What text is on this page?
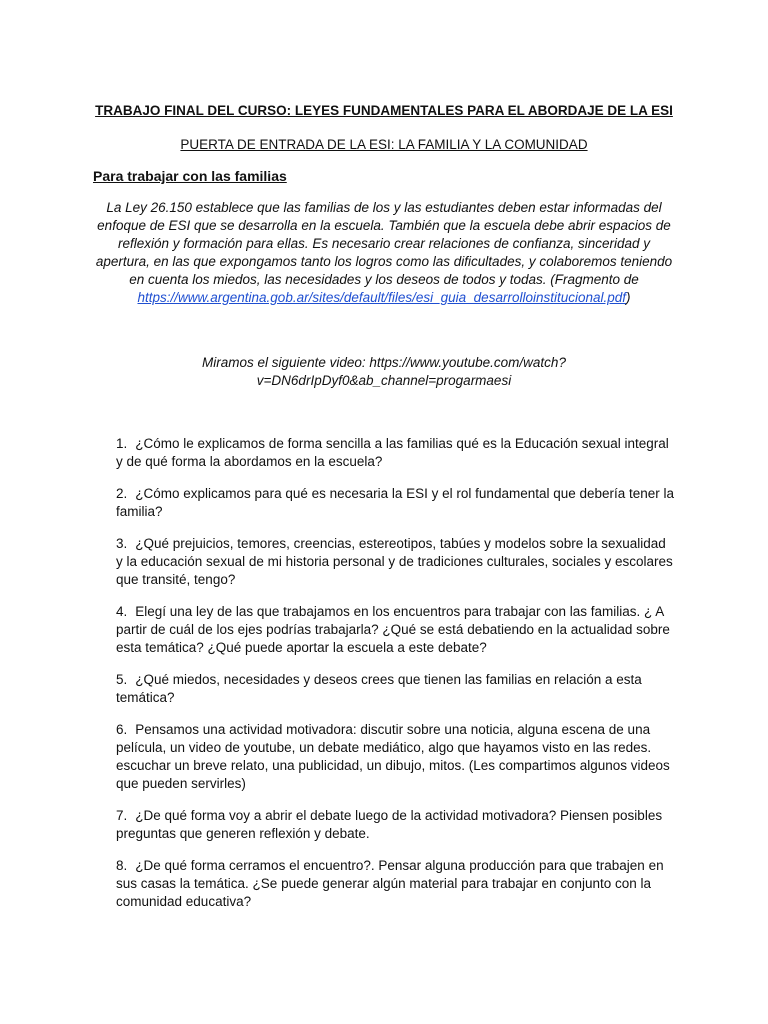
TRABAJO FINAL DEL CURSO: LEYES FUNDAMENTALES PARA EL ABORDAJE DE LA ESI
PUERTA DE ENTRADA DE LA ESI: LA FAMILIA Y LA COMUNIDAD
Para trabajar con las familias
La Ley 26.150 establece que las familias de los y las estudiantes deben estar informadas del enfoque de ESI que se desarrolla en la escuela. También que la escuela debe abrir espacios de reflexión y formación para ellas. Es necesario crear relaciones de confianza, sinceridad y apertura, en las que expongamos tanto los logros como las dificultades, y colaboremos teniendo en cuenta los miedos, las necesidades y los deseos de todos y todas. (Fragmento de https://www.argentina.gob.ar/sites/default/files/esi_guia_desarrolloinstitucional.pdf)
Miramos el siguiente video: https://www.youtube.com/watch?
v=DN6drIpDyf0&ab_channel=progarmaesi
1. ¿Cómo le explicamos de forma sencilla a las familias qué es la Educación sexual integral y de qué forma la abordamos en la escuela?
2. ¿Cómo explicamos para qué es necesaria la ESI y el rol fundamental que debería tener la familia?
3. ¿Qué prejuicios, temores, creencias, estereotipos, tabúes y modelos sobre la sexualidad y la educación sexual de mi historia personal y de tradiciones culturales, sociales y escolares que transité, tengo?
4. Elegí una ley de las que trabajamos en los encuentros para trabajar con las familias. ¿ A partir de cuál de los ejes podrías trabajarla? ¿Qué se está debatiendo en la actualidad sobre esta temática? ¿Qué puede aportar la escuela a este debate?
5. ¿Qué miedos, necesidades y deseos crees que tienen las familias en relación a esta temática?
6. Pensamos una actividad motivadora: discutir sobre una noticia, alguna escena de una película, un video de youtube, un debate mediático, algo que hayamos visto en las redes. escuchar un breve relato, una publicidad, un dibujo, mitos. (Les compartimos algunos videos que pueden servirles)
7. ¿De qué forma voy a abrir el debate luego de la actividad motivadora? Piensen posibles preguntas que generen reflexión y debate.
8. ¿De qué forma cerramos el encuentro?. Pensar alguna producción para que trabajen en sus casas la temática. ¿Se puede generar algún material para trabajar en conjunto con la comunidad educativa?
